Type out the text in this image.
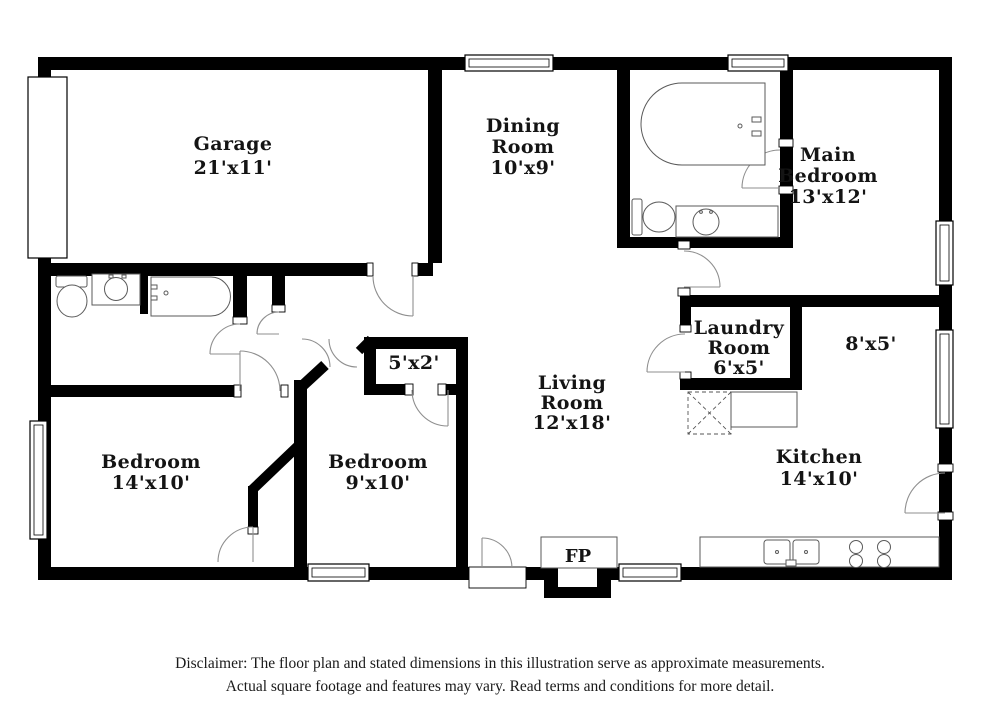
FP
Garage
21'x11'
Dining
Room
10'x9'
Main
Bedroom
13'x12'
Laundry
Room
6'x5'
8'x5'
Living
Room
12'x18'
5'x2'
Bedroom
14'x10'
Bedroom
9'x10'
Kitchen
14'x10'
Disclaimer: The floor plan and stated dimensions in this illustration serve as approximate measurements.
Actual square footage and features may vary. Read terms and conditions for more detail.
